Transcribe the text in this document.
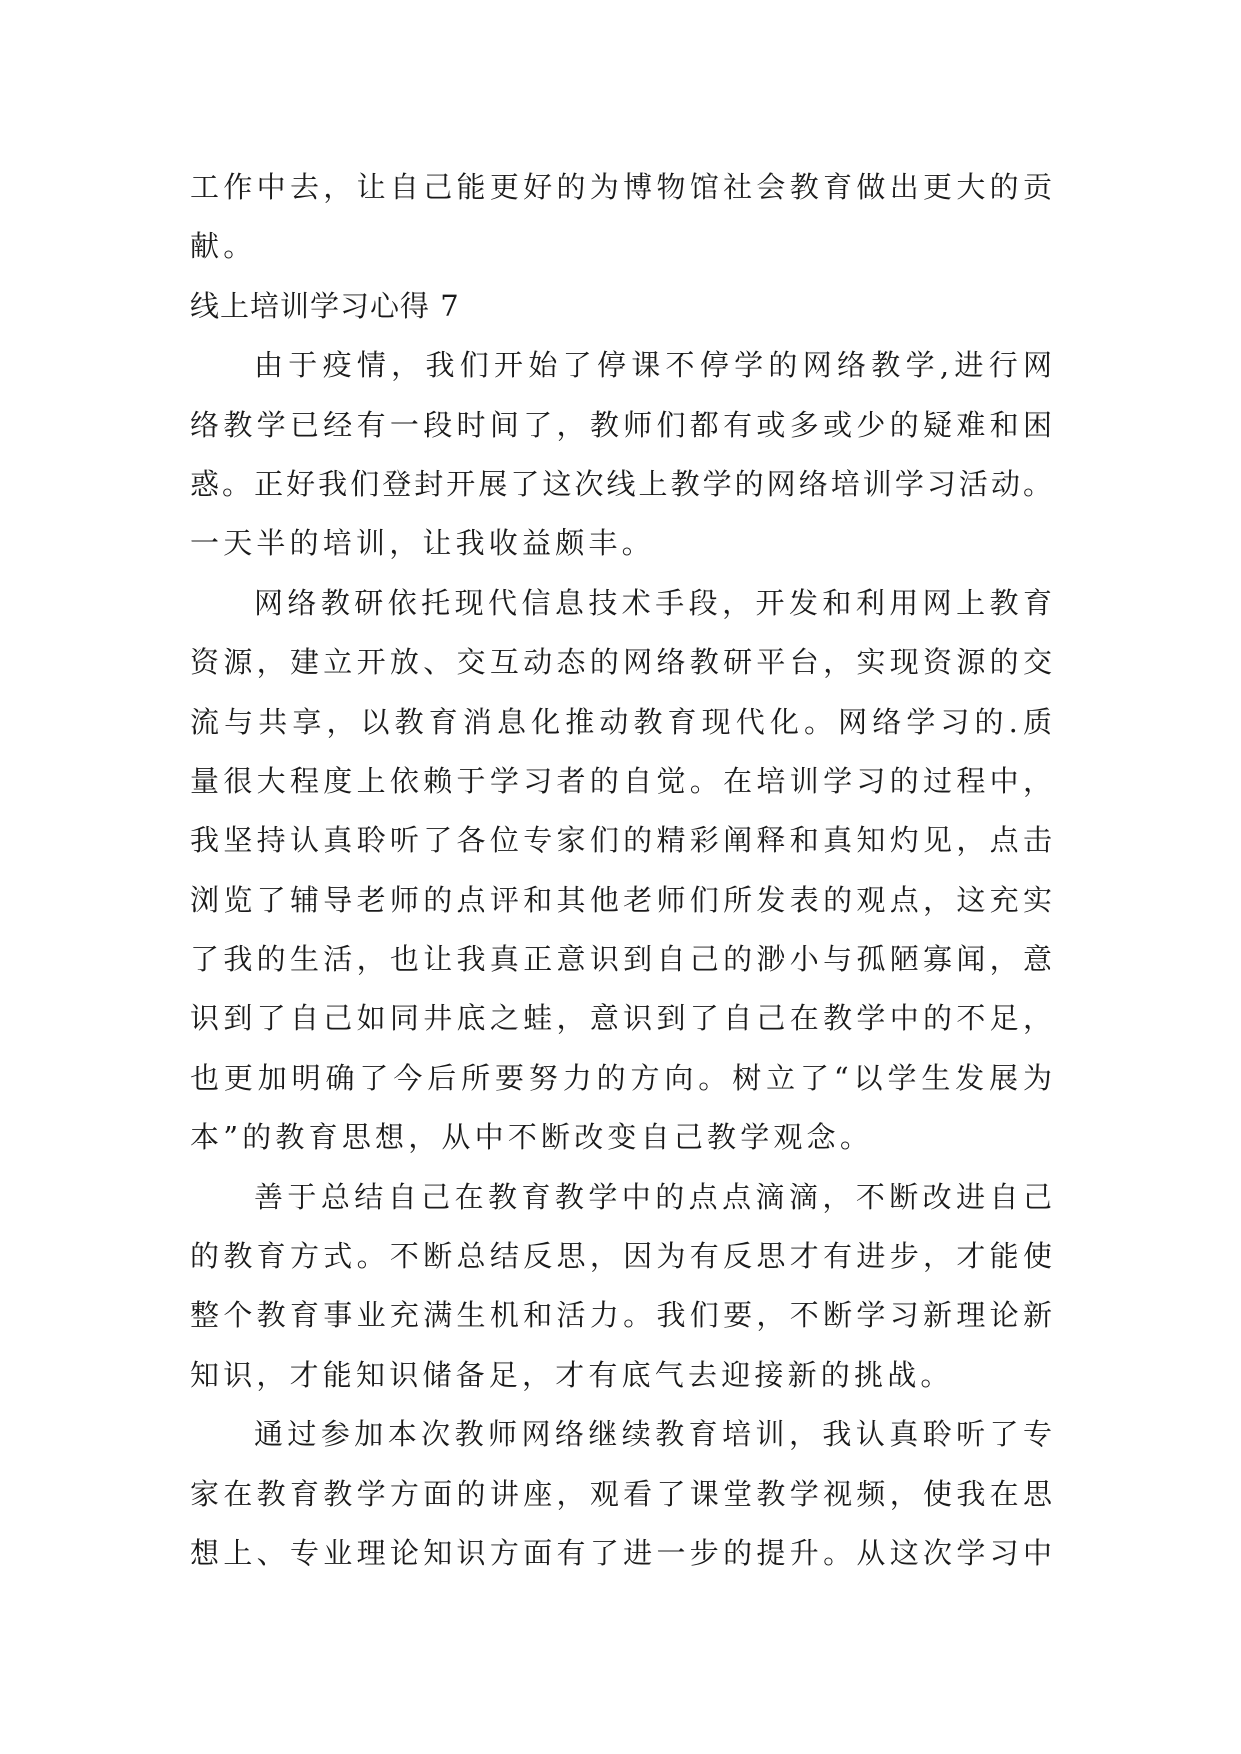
工作中去，让自己能更好的为博物馆社会教育做出更大的贡
献。
线上培训学习心得 7
由于疫情，我们开始了停课不停学的网络教学,进行网
络教学已经有一段时间了，教师们都有或多或少的疑难和困
惑。正好我们登封开展了这次线上教学的网络培训学习活动。
一天半的培训，让我收益颇丰。
网络教研依托现代信息技术手段，开发和利用网上教育
资源，建立开放、交互动态的网络教研平台，实现资源的交
流与共享，以教育消息化推动教育现代化。网络学习的.质
量很大程度上依赖于学习者的自觉。在培训学习的过程中，
我坚持认真聆听了各位专家们的精彩阐释和真知灼见，点击
浏览了辅导老师的点评和其他老师们所发表的观点，这充实
了我的生活，也让我真正意识到自己的渺小与孤陋寡闻，意
识到了自己如同井底之蛙，意识到了自己在教学中的不足，
也更加明确了今后所要努力的方向。树立了“以学生发展为
本”的教育思想，从中不断改变自己教学观念。
善于总结自己在教育教学中的点点滴滴，不断改进自己
的教育方式。不断总结反思，因为有反思才有进步，才能使
整个教育事业充满生机和活力。我们要，不断学习新理论新
知识，才能知识储备足，才有底气去迎接新的挑战。
通过参加本次教师网络继续教育培训，我认真聆听了专
家在教育教学方面的讲座，观看了课堂教学视频，使我在思
想上、专业理论知识方面有了进一步的提升。从这次学习中
